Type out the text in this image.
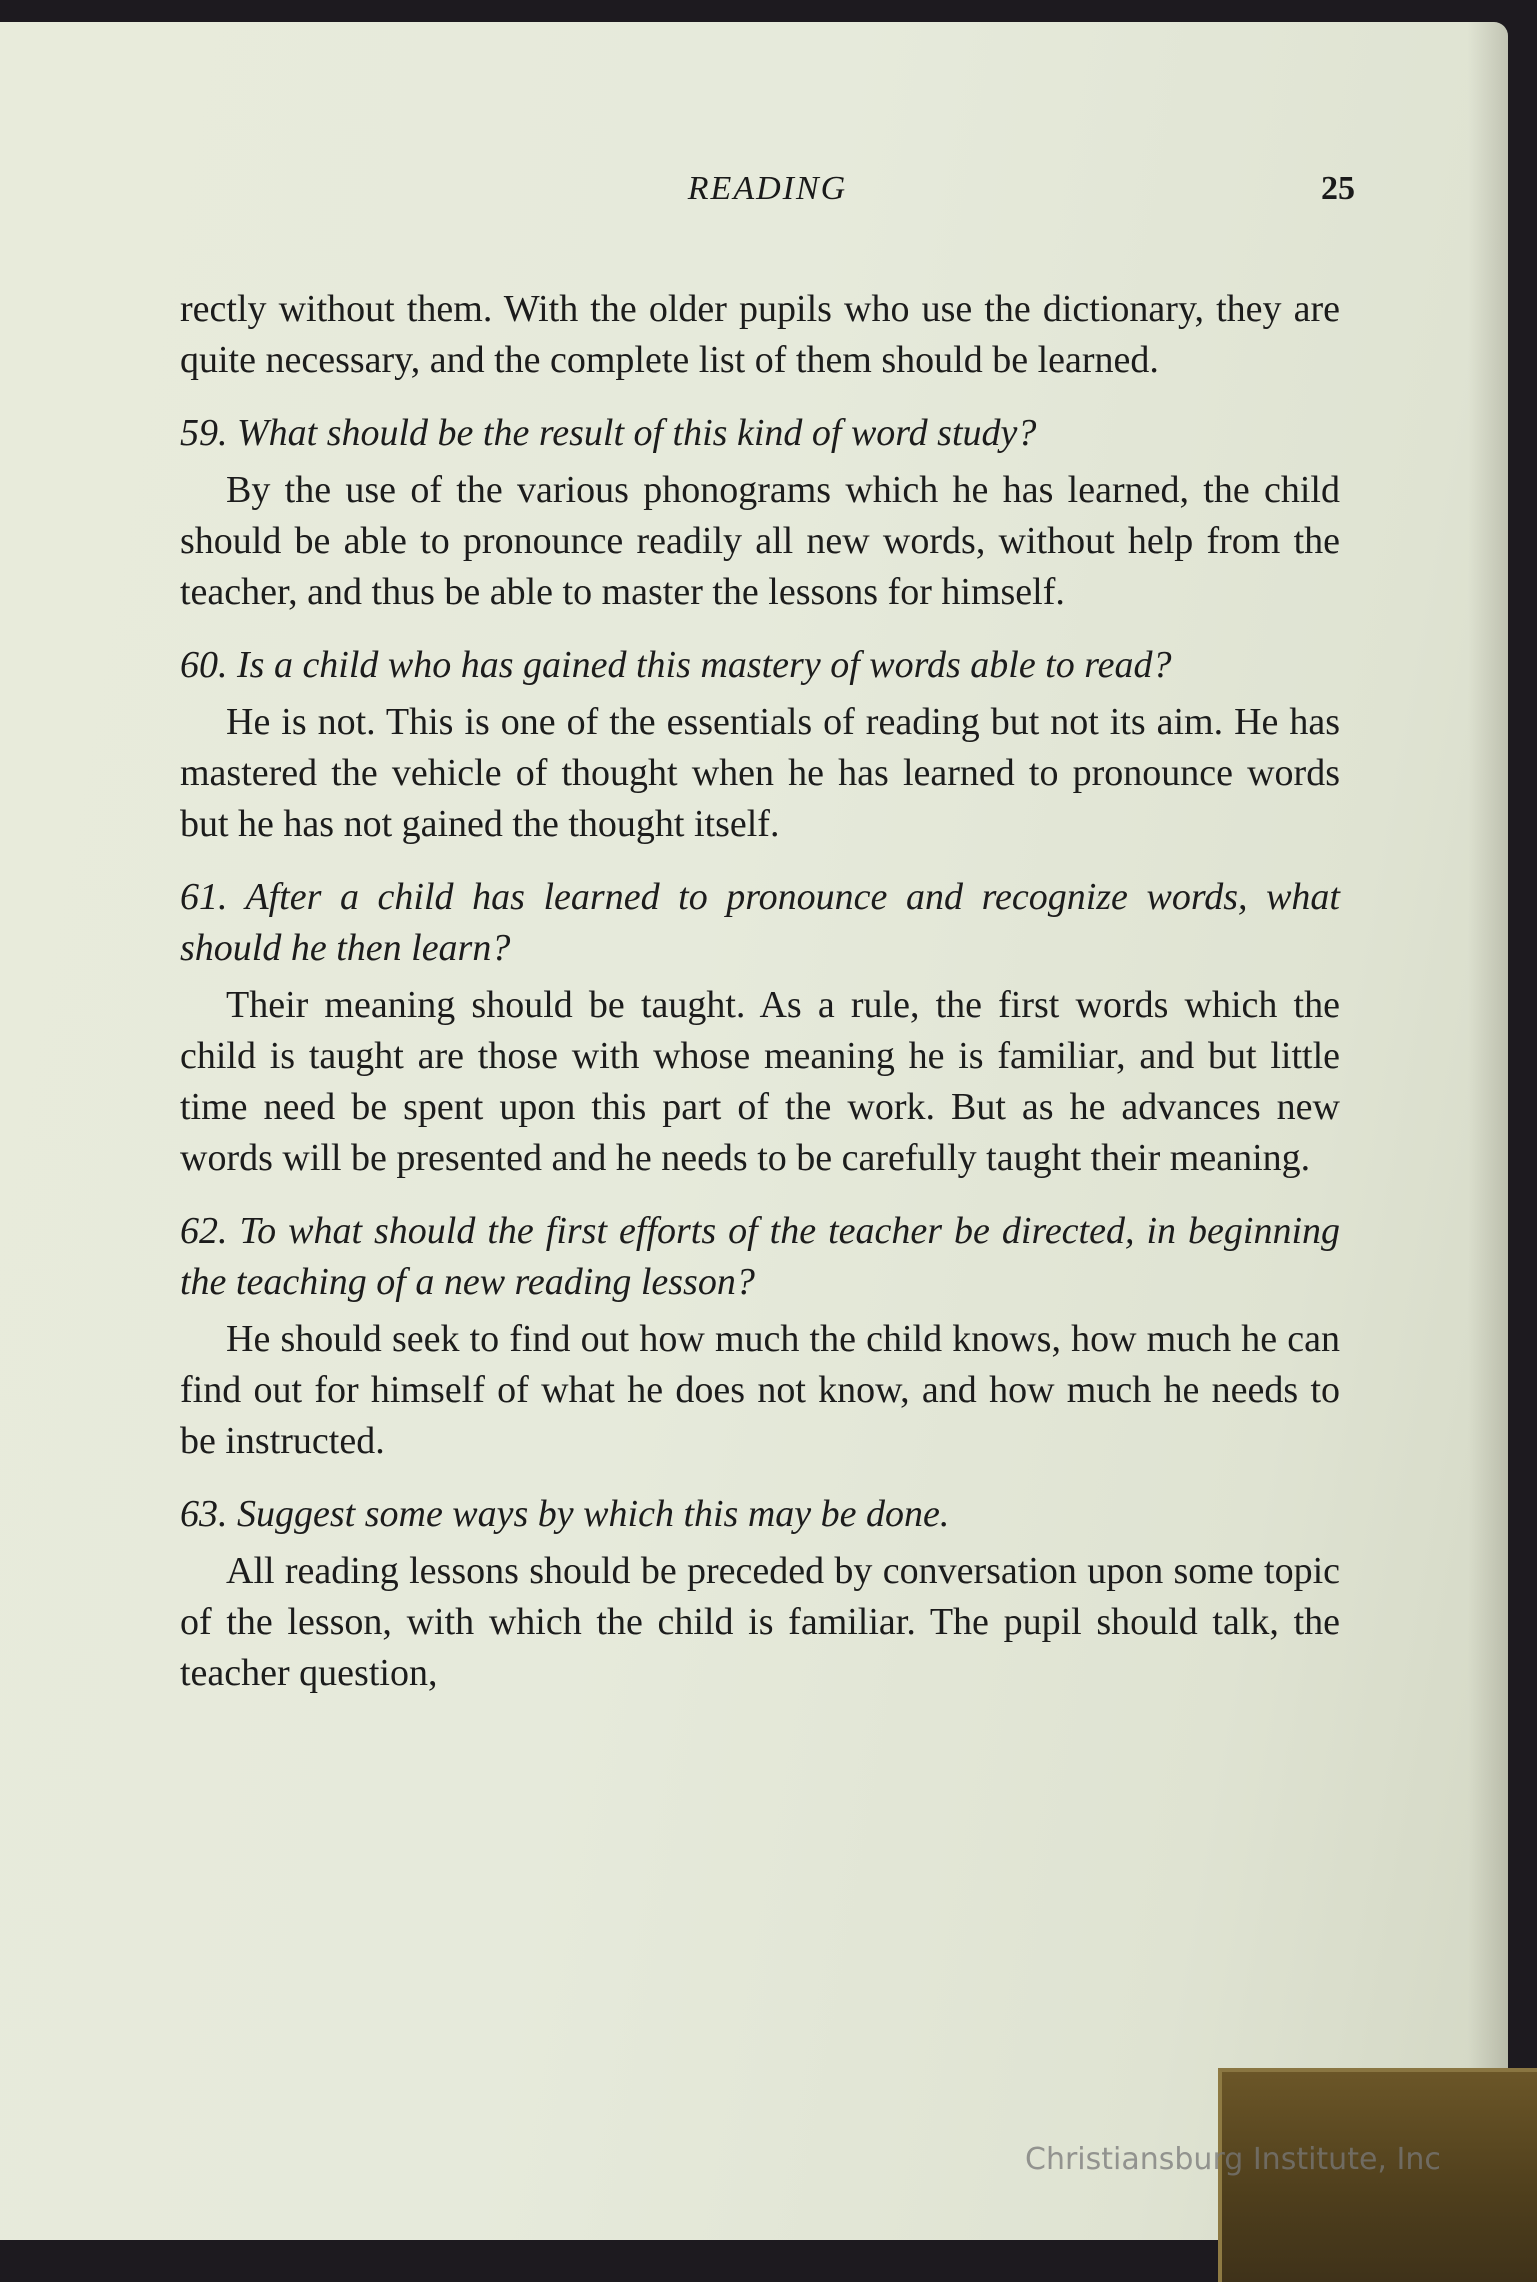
READING	25

rectly without them. With the older pupils who use the dictionary, they are quite necessary, and the complete list of them should be learned.

59. What should be the result of this kind of word study?

By the use of the various phonograms which he has learned, the child should be able to pronounce readily all new words, without help from the teacher, and thus be able to master the lessons for himself.

60. Is a child who has gained this mastery of words able to read?

He is not. This is one of the essentials of reading but not its aim. He has mastered the vehicle of thought when he has learned to pronounce words but he has not gained the thought itself.

61. After a child has learned to pronounce and recognize words, what should he then learn?

Their meaning should be taught. As a rule, the first words which the child is taught are those with whose meaning he is familiar, and but little time need be spent upon this part of the work. But as he advances new words will be presented and he needs to be carefully taught their meaning.

62. To what should the first efforts of the teacher be directed, in beginning the teaching of a new reading lesson?

He should seek to find out how much the child knows, how much he can find out for himself of what he does not know, and how much he needs to be instructed.

63. Suggest some ways by which this may be done.

All reading lessons should be preceded by conversation upon some topic of the lesson, with which the child is familiar. The pupil should talk, the teacher question,

Christiansburg Institute, Inc
